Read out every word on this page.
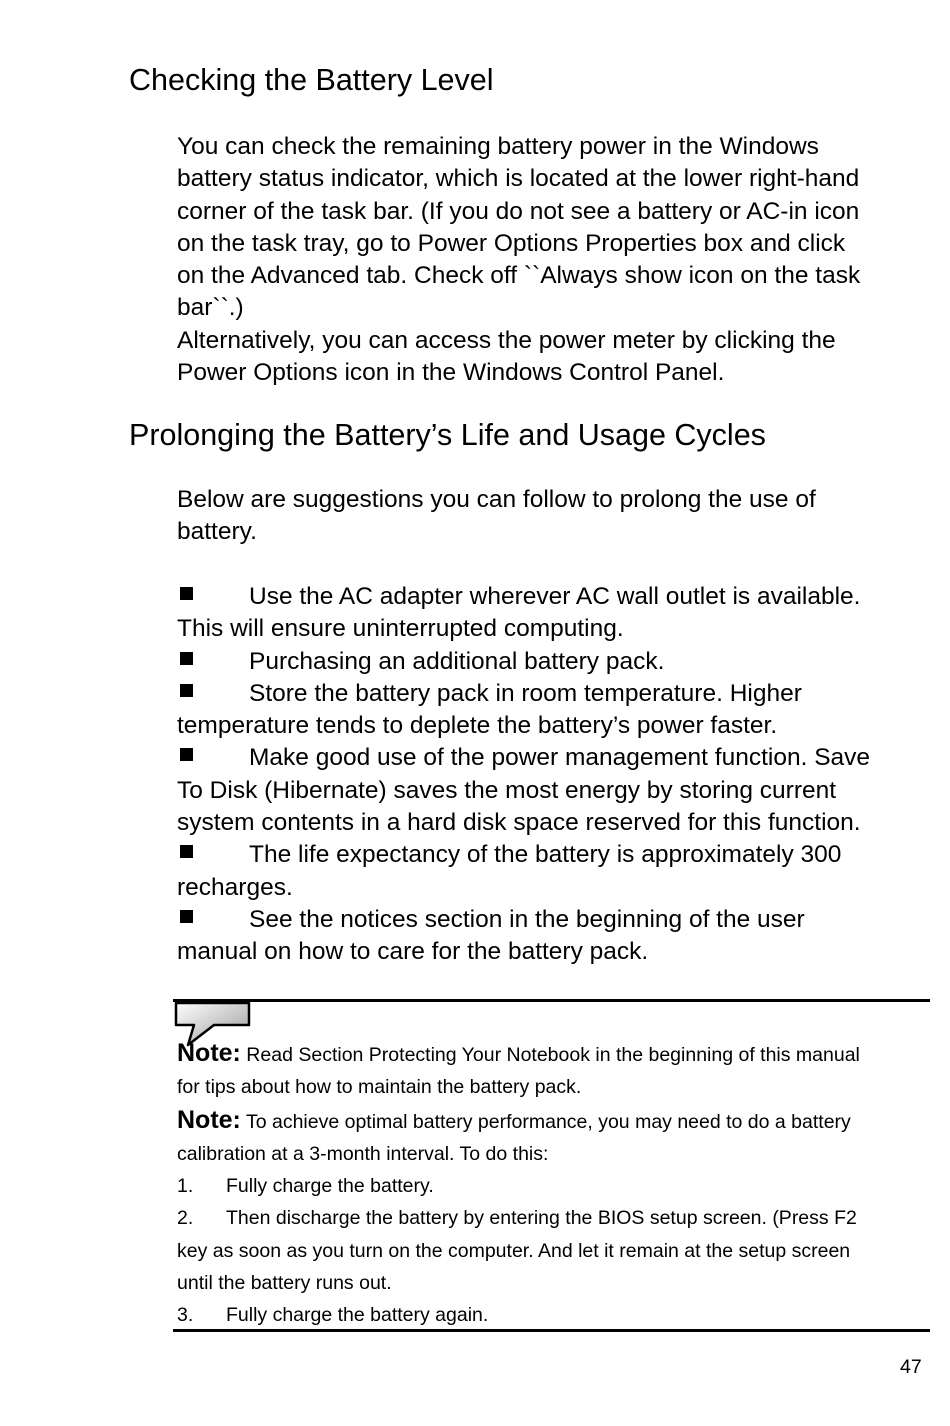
Checking the Battery Level
You can check the remaining battery power in the Windows
battery status indicator, which is located at the lower right-hand
corner of the task bar. (If you do not see a battery or AC-in icon
on the task tray, go to Power Options Properties box and click
on the Advanced tab. Check off ``Always show icon on the task
bar``.)
Alternatively, you can access the power meter by clicking the
Power Options icon in the Windows Control Panel.
Prolonging the Battery’s Life and Usage Cycles
Below are suggestions you can follow to prolong the use of
battery.
Use the AC adapter wherever AC wall outlet is available.
This will ensure uninterrupted computing.
Purchasing an additional battery pack.
Store the battery pack in room temperature. Higher
temperature tends to deplete the battery’s power faster.
Make good use of the power management function. Save
To Disk (Hibernate) saves the most energy by storing current
system contents in a hard disk space reserved for this function.
The life expectancy of the battery is approximately 300
recharges.
See the notices section in the beginning of the user
manual on how to care for the battery pack.
Note: Read Section Protecting Your Notebook in the beginning of this manual
for tips about how to maintain the battery pack.
Note: To achieve optimal battery performance, you may need to do a battery
calibration at a 3-month interval. To do this:
1. Fully charge the battery.
2. Then discharge the battery by entering the BIOS setup screen. (Press F2
key as soon as you turn on the computer. And let it remain at the setup screen
until the battery runs out.
3. Fully charge the battery again.
47
